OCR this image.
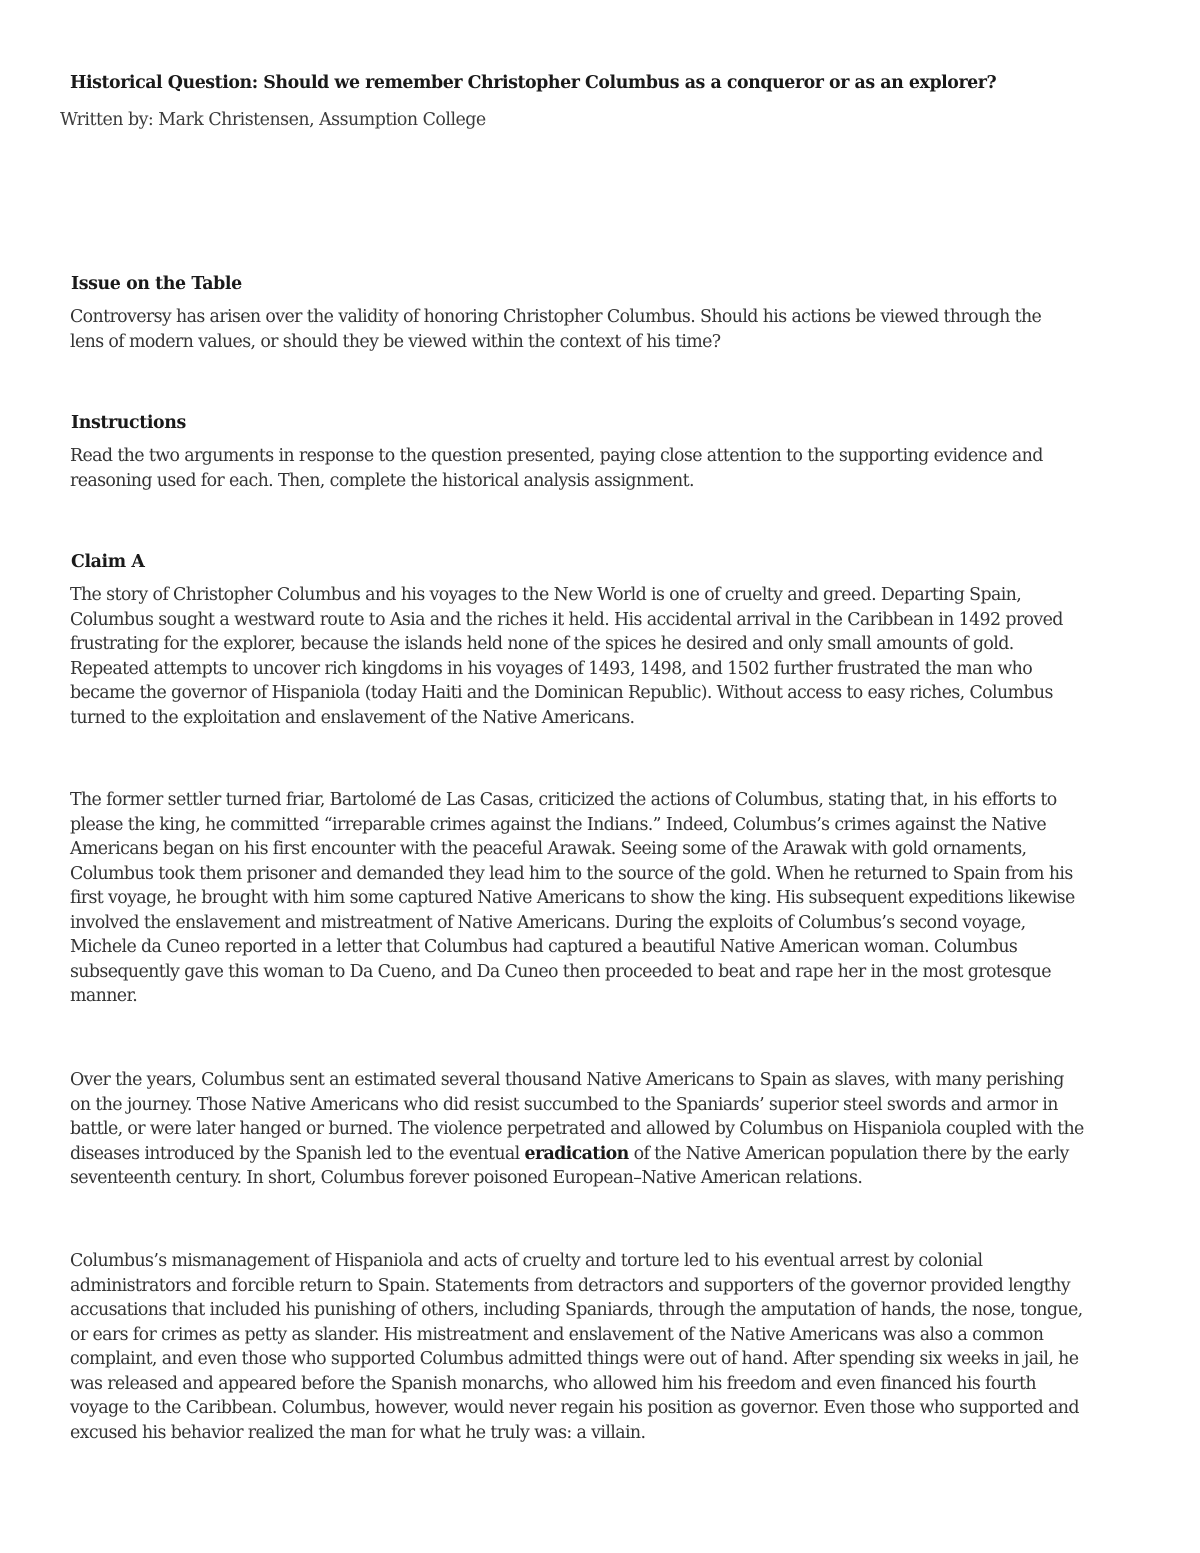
Historical Question: Should we remember Christopher Columbus as a conqueror or as an explorer?
Written by: Mark Christensen, Assumption College
Issue on the Table
Controversy has arisen over the validity of honoring Christopher Columbus. Should his actions be viewed through the
lens of modern values, or should they be viewed within the context of his time?
Instructions
Read the two arguments in response to the question presented, paying close attention to the supporting evidence and
reasoning used for each. Then, complete the historical analysis assignment.
Claim A
The story of Christopher Columbus and his voyages to the New World is one of cruelty and greed. Departing Spain,
Columbus sought a westward route to Asia and the riches it held. His accidental arrival in the Caribbean in 1492 proved
frustrating for the explorer, because the islands held none of the spices he desired and only small amounts of gold.
Repeated attempts to uncover rich kingdoms in his voyages of 1493, 1498, and 1502 further frustrated the man who
became the governor of Hispaniola (today Haiti and the Dominican Republic). Without access to easy riches, Columbus
turned to the exploitation and enslavement of the Native Americans.
The former settler turned friar, Bartolomé de Las Casas, criticized the actions of Columbus, stating that, in his efforts to
please the king, he committed “irreparable crimes against the Indians.” Indeed, Columbus’s crimes against the Native
Americans began on his first encounter with the peaceful Arawak. Seeing some of the Arawak with gold ornaments,
Columbus took them prisoner and demanded they lead him to the source of the gold. When he returned to Spain from his
first voyage, he brought with him some captured Native Americans to show the king. His subsequent expeditions likewise
involved the enslavement and mistreatment of Native Americans. During the exploits of Columbus’s second voyage,
Michele da Cuneo reported in a letter that Columbus had captured a beautiful Native American woman. Columbus
subsequently gave this woman to Da Cueno, and Da Cuneo then proceeded to beat and rape her in the most grotesque
manner.
Over the years, Columbus sent an estimated several thousand Native Americans to Spain as slaves, with many perishing
on the journey. Those Native Americans who did resist succumbed to the Spaniards’ superior steel swords and armor in
battle, or were later hanged or burned. The violence perpetrated and allowed by Columbus on Hispaniola coupled with the
diseases introduced by the Spanish led to the eventual eradication of the Native American population there by the early
seventeenth century. In short, Columbus forever poisoned European–Native American relations.
Columbus’s mismanagement of Hispaniola and acts of cruelty and torture led to his eventual arrest by colonial
administrators and forcible return to Spain. Statements from detractors and supporters of the governor provided lengthy
accusations that included his punishing of others, including Spaniards, through the amputation of hands, the nose, tongue,
or ears for crimes as petty as slander. His mistreatment and enslavement of the Native Americans was also a common
complaint, and even those who supported Columbus admitted things were out of hand. After spending six weeks in jail, he
was released and appeared before the Spanish monarchs, who allowed him his freedom and even financed his fourth
voyage to the Caribbean. Columbus, however, would never regain his position as governor. Even those who supported and
excused his behavior realized the man for what he truly was: a villain.
